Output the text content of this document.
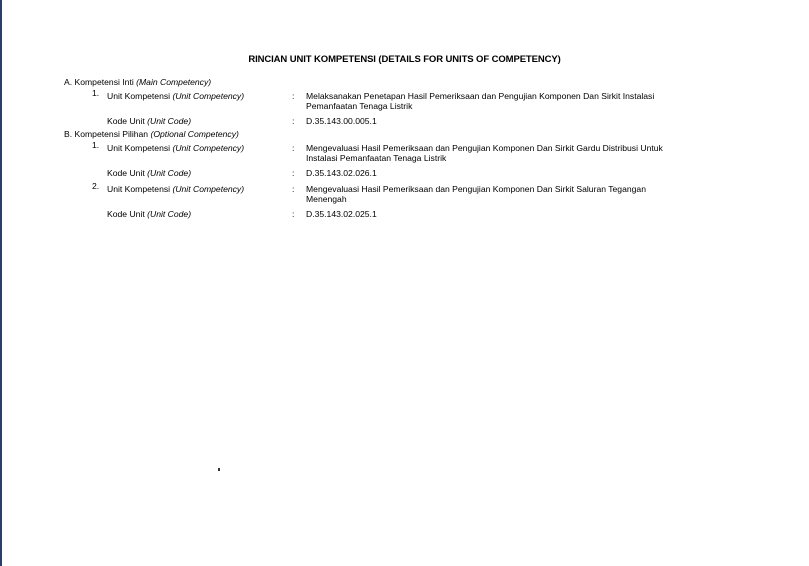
RINCIAN UNIT KOMPETENSI (DETAILS FOR UNITS OF COMPETENCY)
A. Kompetensi Inti (Main Competency)
1. Unit Kompetensi (Unit Competency)	: Melaksanakan Penetapan Hasil Pemeriksaan dan Pengujian Komponen Dan Sirkit Instalasi
Pemanfaatan Tenaga Listrik
Kode Unit (Unit Code)	: D.35.143.00.005.1
B. Kompetensi Pilihan (Optional Competency)
1. Unit Kompetensi (Unit Competency)	: Mengevaluasi Hasil Pemeriksaan dan Pengujian Komponen Dan Sirkit Gardu Distribusi Untuk
Instalasi Pemanfaatan Tenaga Listrik
Kode Unit (Unit Code)	: D.35.143.02.026.1
2. Unit Kompetensi (Unit Competency)	: Mengevaluasi Hasil Pemeriksaan dan Pengujian Komponen Dan Sirkit Saluran Tegangan
Menengah
Kode Unit (Unit Code)	: D.35.143.02.025.1
